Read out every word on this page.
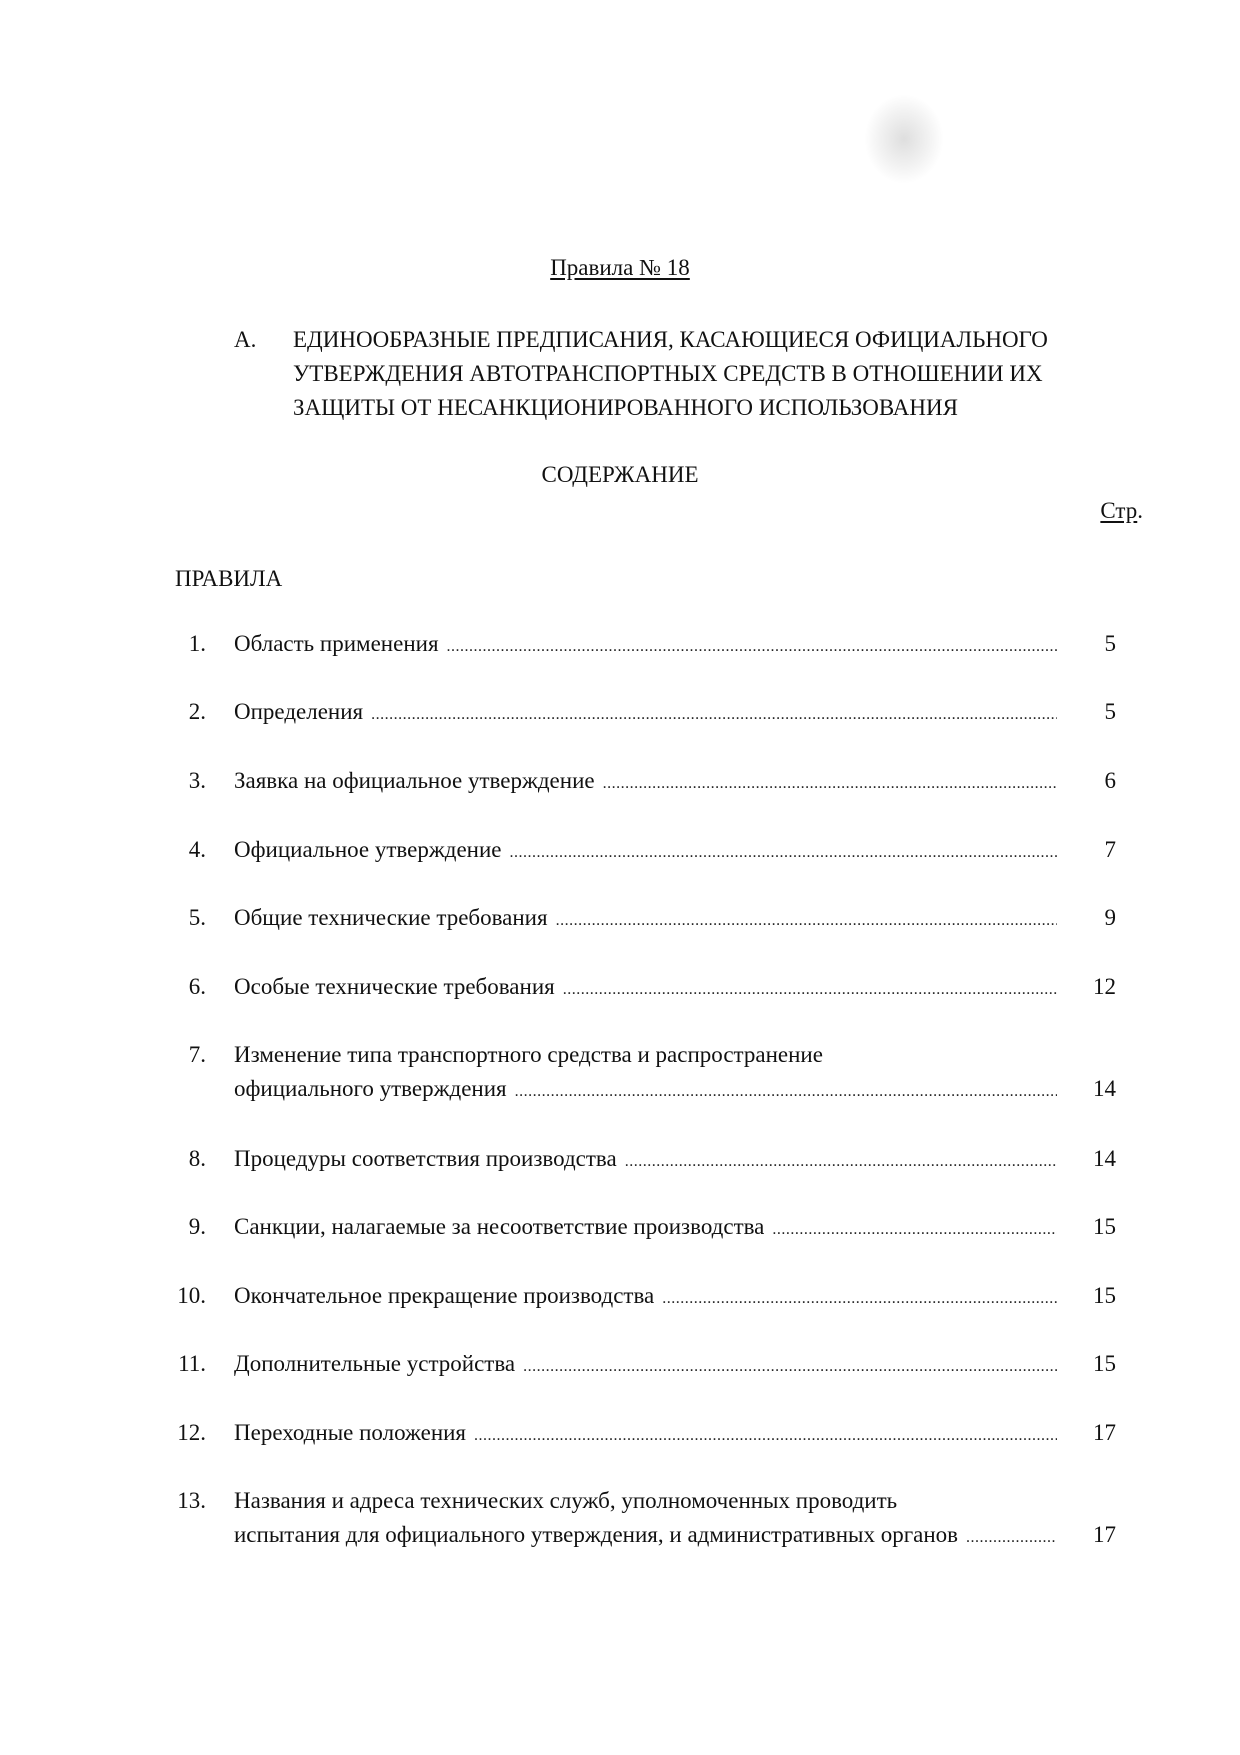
Правила № 18
А. ЕДИНООБРАЗНЫЕ ПРЕДПИСАНИЯ, КАСАЮЩИЕСЯ ОФИЦИАЛЬНОГО
УТВЕРЖДЕНИЯ АВТОТРАНСПОРТНЫХ СРЕДСТВ В ОТНОШЕНИИ ИХ
ЗАЩИТЫ ОТ НЕСАНКЦИОНИРОВАННОГО ИСПОЛЬЗОВАНИЯ
СОДЕРЖАНИЕ
Стр.
ПРАВИЛА
1. Область применения .....	5
2. Определения .....	5
3. Заявка на официальное утверждение .....	6
4. Официальное утверждение .....	7
5. Общие технические требования .....	9
6. Особые технические требования .....	12
7. Изменение типа транспортного средства и распространение
официального утверждения .....	14
8. Процедуры соответствия производства .....	14
9. Санкции, налагаемые за несоответствие производства .....	15
10. Окончательное прекращение производства .....	15
11. Дополнительные устройства .....	15
12. Переходные положения .....	17
13. Названия и адреса технических служб, уполномоченных проводить
испытания для официального утверждения, и административных органов .....	17
